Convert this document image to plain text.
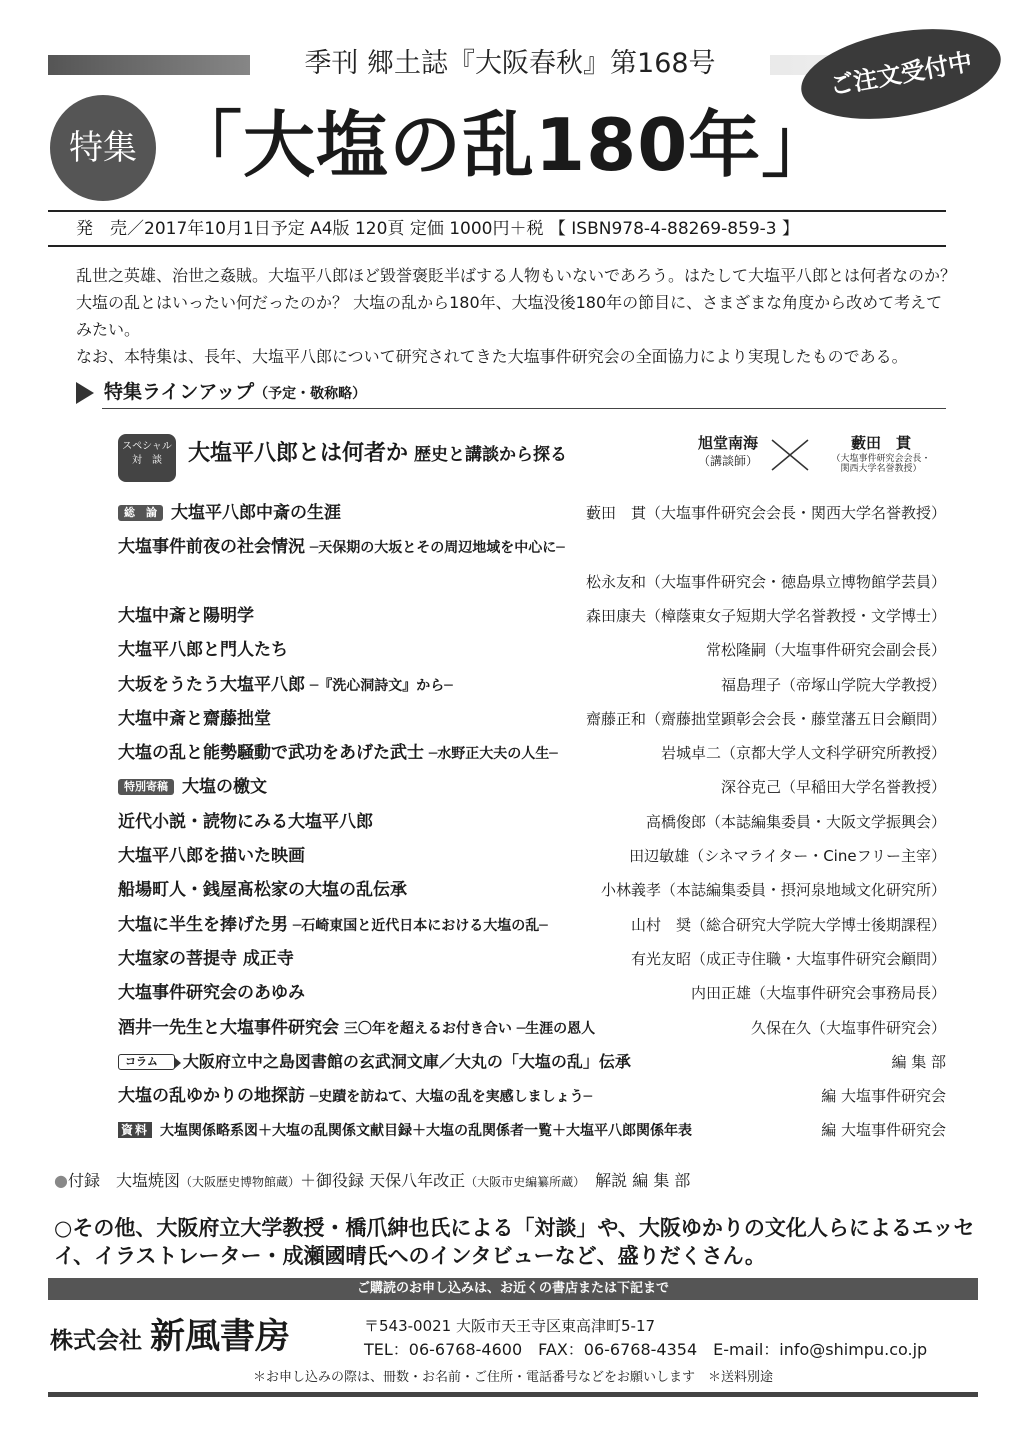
季刊 郷土誌『大阪春秋』第168号	ご注文受付中
特集 「大塩の乱180年」
発　売／2017年10月1日予定 A4版 120頁 定価 1000円＋税 【 ISBN978-4-88269-859-3 】

乱世之英雄、治世之姦賊。大塩平八郎ほど毀誉褒貶半ばする人物もいないであろう。はたして大塩平八郎とは何者なのか？ 大塩の乱とはいったい何だったのか？ 大塩の乱から180年、大塩没後180年の節目に、さまざまな角度から改めて考えてみたい。

なお、本特集は、長年、大塩平八郎について研究されてきた大塩事件研究会の全面協力により実現したものである。

特集ラインアップ（予定・敬称略）
スペシャル
対　談	大塩平八郎とは何者か 歴史と講談から探る
旭堂南海
（講談師）
藪田　貫
（大塩事件研究会会長・
関西大学名誉教授）
総　論 大塩平八郎中斎の生涯	藪田　貫（大塩事件研究会会長・関西大学名誉教授）
大塩事件前夜の社会情況 ─天保期の大坂とその周辺地域を中心に─
松永友和（大塩事件研究会・徳島県立博物館学芸員）
大塩中斎と陽明学	森田康夫（樟蔭東女子短期大学名誉教授・文学博士）
大塩平八郎と門人たち	常松隆嗣（大塩事件研究会副会長）
大坂をうたう大塩平八郎 ─『洗心洞詩文』から─	福島理子（帝塚山学院大学教授）
大塩中斎と齋藤拙堂	齋藤正和（齋藤拙堂顕彰会会長・藤堂藩五日会顧問）
大塩の乱と能勢騒動で武功をあげた武士 ─水野正大夫の人生─	岩城卓二（京都大学人文科学研究所教授）
特別寄稿 大塩の檄文	深谷克己（早稲田大学名誉教授）
近代小説・読物にみる大塩平八郎	高橋俊郎（本誌編集委員・大阪文学振興会）
大塩平八郎を描いた映画	田辺敏雄（シネマライター・Cineフリー主宰）
船場町人・銭屋髙松家の大塩の乱伝承	小林義孝（本誌編集委員・摂河泉地域文化研究所）
大塩に半生を捧げた男 ─石崎東国と近代日本における大塩の乱─	山村　奨（総合研究大学院大学博士後期課程）
大塩家の菩提寺 成正寺	有光友昭（成正寺住職・大塩事件研究会顧問）
大塩事件研究会のあゆみ	内田正雄（大塩事件研究会事務局長）
酒井一先生と大塩事件研究会 三〇年を超えるお付き合い ─生涯の恩人	久保在久（大塩事件研究会）
コラム 大阪府立中之島図書館の玄武洞文庫／大丸の「大塩の乱」伝承	編 集 部
大塩の乱ゆかりの地探訪 ─史蹟を訪ねて、大塩の乱を実感しましょう─	編 大塩事件研究会
資料 大塩関係略系図＋大塩の乱関係文献目録＋大塩の乱関係者一覧＋大塩平八郎関係年表	編 大塩事件研究会
●付録　 大塩焼図（大阪歴史博物館蔵）＋御役録 天保八年改正（大阪市史編纂所蔵）　 解説 編 集 部
○その他、大阪府立大学教授・橋爪紳也氏による「対談」や、大阪ゆかりの文化人らによるエッセイ、イラストレーター・成瀬國晴氏へのインタビューなど、盛りだくさん。
ご購読のお申し込みは、お近くの書店または下記まで
株式会社 新風書房	〒543-0021 大阪市天王寺区東高津町5-17
TEL：06-6768-4600　FAX：06-6768-4354　E-mail：info@shimpu.co.jp
＊お申し込みの際は、冊数・お名前・ご住所・電話番号などをお願いします　＊送料別途
